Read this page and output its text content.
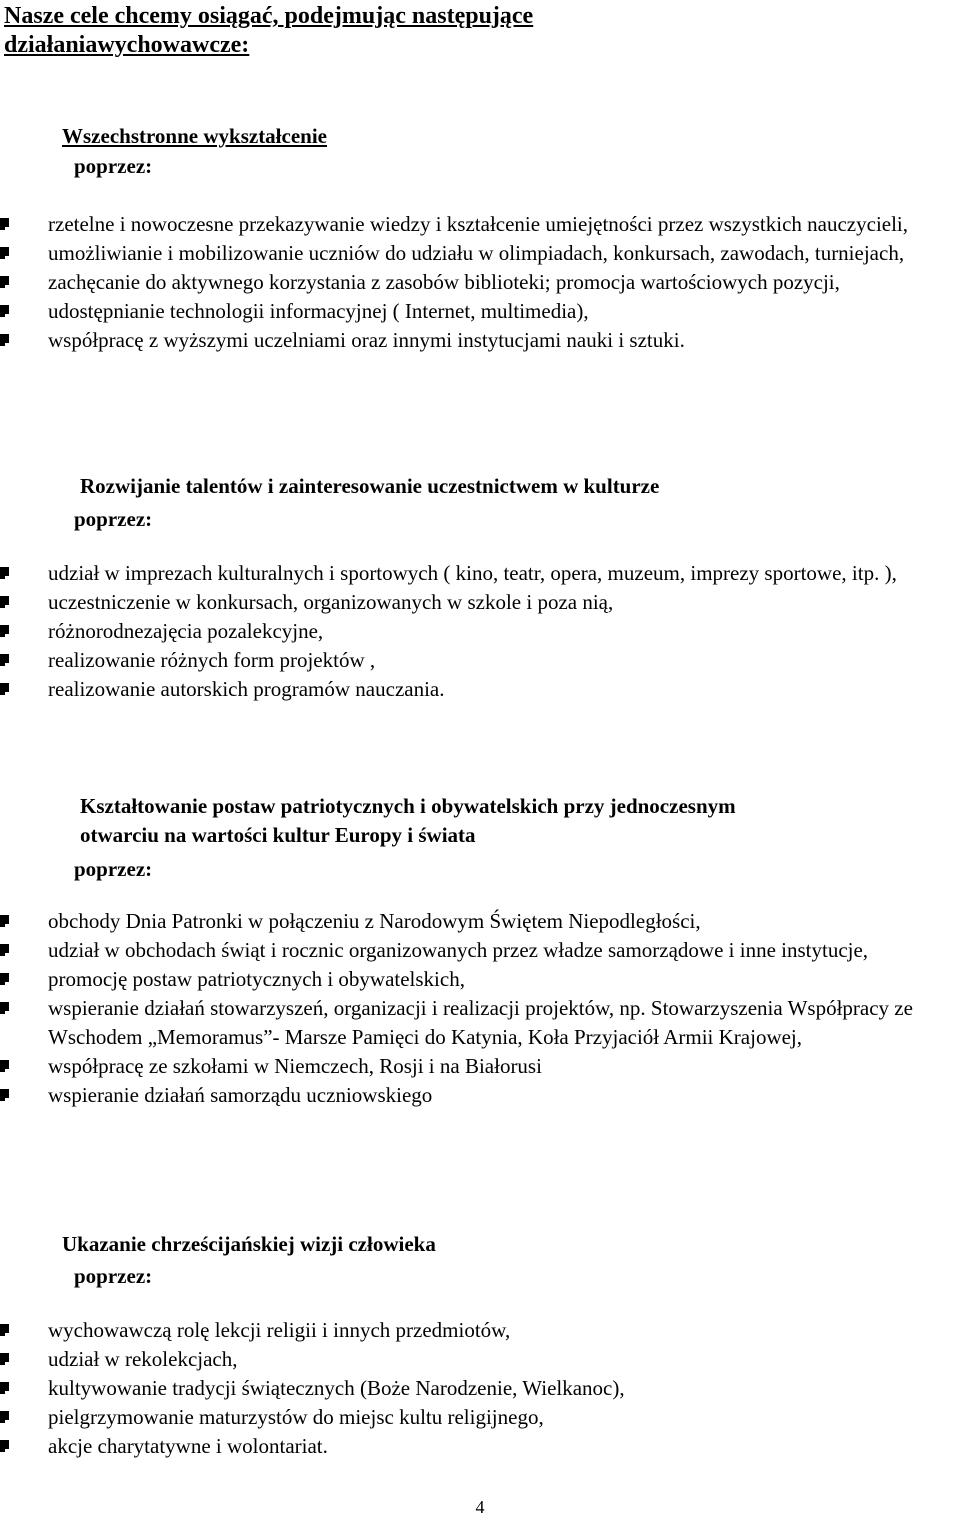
Nasze cele chcemy osiągać, podejmując następujące
działaniawychowawcze:
Wszechstronne wykształcenie
poprzez:
rzetelne i nowoczesne przekazywanie wiedzy i kształcenie umiejętności przez wszystkich nauczycieli,
umożliwianie i mobilizowanie uczniów do udziału w olimpiadach, konkursach, zawodach, turniejach,
zachęcanie do aktywnego korzystania z zasobów biblioteki; promocja wartościowych pozycji,
udostępnianie technologii informacyjnej ( Internet, multimedia),
współpracę z wyższymi uczelniami oraz innymi instytucjami nauki i sztuki.
Rozwijanie talentów i zainteresowanie uczestnictwem w kulturze
poprzez:
udział w imprezach kulturalnych i sportowych ( kino, teatr, opera, muzeum, imprezy sportowe, itp. ),
uczestniczenie w konkursach, organizowanych w szkole i poza nią,
różnorodnezajęcia pozalekcyjne,
realizowanie różnych form projektów ,
realizowanie autorskich programów nauczania.
Kształtowanie postaw patriotycznych i obywatelskich przy jednoczesnym
otwarciu na wartości kultur Europy i świata
poprzez:
obchody Dnia Patronki w połączeniu z Narodowym Świętem Niepodległości,
udział w obchodach świąt i rocznic organizowanych przez władze samorządowe i inne instytucje,
promocję postaw patriotycznych i obywatelskich,
wspieranie działań stowarzyszeń, organizacji i realizacji projektów, np. Stowarzyszenia Współpracy ze Wschodem „Memoramus”- Marsze Pamięci do Katynia, Koła Przyjaciół Armii Krajowej,
współpracę ze szkołami w Niemczech, Rosji i na Białorusi
wspieranie działań samorządu uczniowskiego
Ukazanie chrześcijańskiej wizji człowieka
poprzez:
wychowawczą rolę lekcji religii i innych przedmiotów,
udział w rekolekcjach,
kultywowanie tradycji świątecznych (Boże Narodzenie, Wielkanoc),
pielgrzymowanie maturzystów do miejsc kultu religijnego,
akcje charytatywne i wolontariat.
4
